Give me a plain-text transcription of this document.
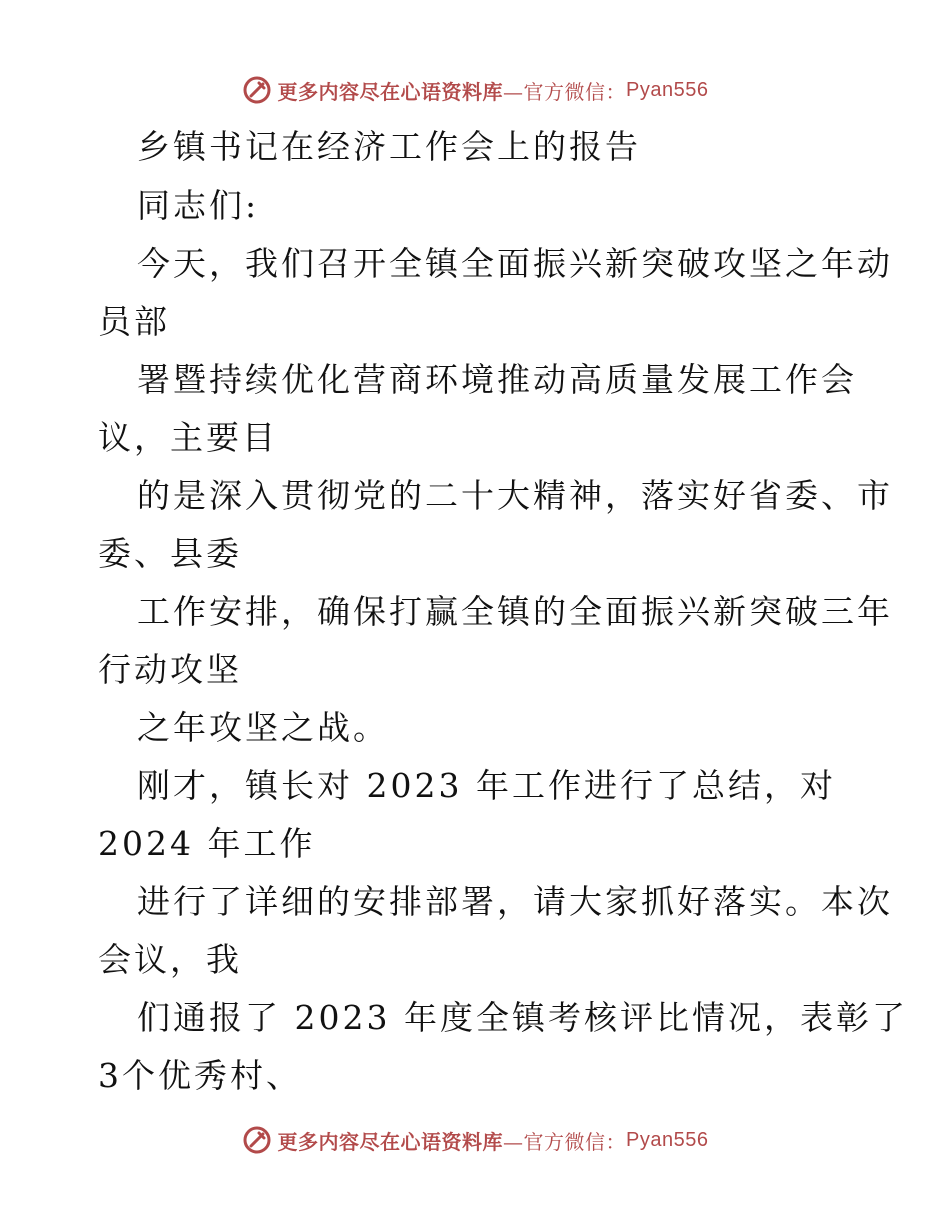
更多内容尽在心语资料库 —官方微信： Pyan556
乡镇书记在经济工作会上的报告
同志们:
今天，我们召开全镇全面振兴新突破攻坚之年动
员部
署暨持续优化营商环境推动高质量发展工作会
议，主要目
的是深入贯彻党的二十大精神，落实好省委、市
委、县委
工作安排，确保打赢全镇的全面振兴新突破三年
行动攻坚
之年攻坚之战。
刚才，镇长对 2023 年工作进行了总结，对
2024 年工作
进行了详细的安排部署，请大家抓好落实。本次
会议，我
们通报了 2023 年度全镇考核评比情况，表彰了
3个优秀村、
更多内容尽在心语资料库 —官方微信： Pyan556
